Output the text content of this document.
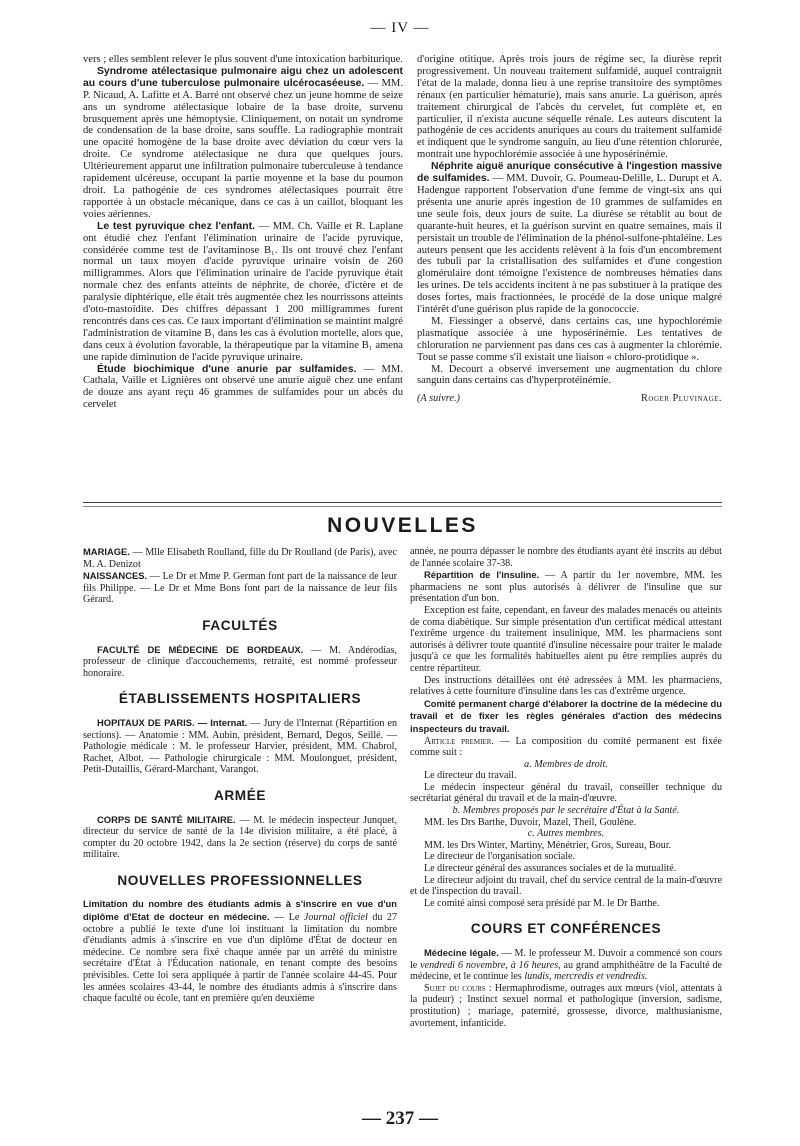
— IV —

vers ; elles semblent relever le plus souvent d'une intoxication barbiturique.

Syndrome atélectasique pulmonaire aigu chez un adolescent au cours d'une tuberculose pulmonaire ulcérocaséeuse. — MM. P. Nicaud, A. Lafitte et A. Barré ont observé chez un jeune homme de seize ans un syndrome atélectasique lobaire de la base droite, survenu brusquement après une hémoptysie. Cliniquement, on notait un syndrome de condensation de la base droite, sans souffle. La radiographie montrait une opacité homogène de la base droite avec déviation du cœur vers la droite. Ce syndrome atélectasique ne dura que quelques jours. Ultérieurement apparut une infiltration pulmonaire tuberculeuse à tendance rapidement ulcéreuse, occupant la partie moyenne et la base du poumon droit. La pathogénie de ces syndromes atélectasiques pourrait être rapportée à un obstacle mécanique, dans ce cas à un caillot, bloquant les voies aériennes.

Le test pyruvique chez l'enfant. — MM. Ch. Vaille et R. Laplane ont étudié chez l'enfant l'élimination urinaire de l'acide pyruvique, considérée comme test de l'avitaminose B₁. Ils ont trouvé chez l'enfant normal un taux moyen d'acide pyruvique urinaire voisin de 260 milligrammes. Alors que l'élimination urinaire de l'acide pyruvique était normale chez des enfants atteints de néphrite, de chorée, d'ictère et de paralysie diphtérique, elle était très augmentée chez les nourrissons atteints d'oto-mastoïdite. Des chiffres dépassant 1 200 milligrammes furent rencontrés dans ces cas. Ce taux important d'élimination se maintint malgré l'administration de vitamine B₁ dans les cas à évolution mortelle, alors que, dans ceux à évolution favorable, la thérapeutique par la vitamine B₁ amena une rapide diminution de l'acide pyruvique urinaire.

Étude biochimique d'une anurie par sulfamides. — MM. Cathala, Vaille et Lignières ont observé une anurie aiguë chez une enfant de douze ans ayant reçu 46 grammes de sulfamides pour un abcès du cervelet

d'origine otitique. Après trois jours de régime sec, la diurèse reprit progressivement. Un nouveau traitement sulfamidé, auquel contraignit l'état de la malade, donna lieu à une reprise transitoire des symptômes rénaux (en particulier hématurie), mais sans anurie. La guérison, après traitement chirurgical de l'abcès du cervelet, fut complète et, en particulier, il n'exista aucune séquelle rénale. Les auteurs discutent la pathogénie de ces accidents anuriques au cours du traitement sulfamidé et indiquent que le syndrome sanguin, au lieu d'une rétention chlorurée, montrait une hypochlorémie associée à une hyposérinémie.

Néphrite aiguë anurique consécutive à l'ingestion massive de sulfamides. — MM. Duvoir, G. Poumeau-Delille, L. Durupt et A. Hadengue rapportent l'observation d'une femme de vingt-six ans qui présenta une anurie après ingestion de 10 grammes de sulfamides en une seule fois, deux jours de suite. La diurèse se rétablit au bout de quarante-huit heures, et la guérison survint en quatre semaines, mais il persistait un trouble de l'élimination de la phénol-sulfone-phtaléine. Les auteurs pensent que les accidents relèvent à la fois d'un encombrement des tubuli par la cristallisation des sulfamides et d'une congestion glomérulaire dont témoigne l'existence de nombreuses hématies dans les urines. De tels accidents incitent à ne pas substituer à la pratique des doses fortes, mais fractionnées, le procédé de la dose unique malgré l'intérêt d'une guérison plus rapide de la gonococcie.

M. Fiessinger a observé, dans certains cas, une hypochlorémie plasmatique associée à une hyposérinémie. Les tentatives de chloruration ne parviennent pas dans ces cas à augmenter la chlorémie. Tout se passe comme s'il existait une liaison « chloro-protidique ».

M. Decourt a observé inversement une augmentation du chlore sanguin dans certains cas d'hyperprotéinémie.

(A suivre.)	Roger Pluvinage.
NOUVELLES

MARIAGE. — Mlle Elisabeth Roulland, fille du Dr Roulland (de Paris), avec M. A. Denizot

NAISSANCES. — Le Dr et Mme P. German font part de la naissance de leur fils Philippe. — Le Dr et Mme Bons font part de la naissance de leur fils Gérard.

FACULTÉS

FACULTÉ DE MÉDECINE DE BORDEAUX. — M. Andérodias, professeur de clinique d'accouchements, retraité, est nommé professeur honoraire.

ÉTABLISSEMENTS HOSPITALIERS

HOPITAUX DE PARIS. — Internat. — Jury de l'Internat (Répartition en sections). — Anatomie : MM. Aubin, président, Bernard, Degos, Seillé. — Pathologie médicale : M. le professeur Harvier, président, MM. Chabrol, Rachet, Albot. — Pathologie chirurgicale : MM. Moulonguet, président, Petit-Dutaillis, Gérard-Marchant, Varangot.

ARMÉE

CORPS DE SANTÉ MILITAIRE. — M. le médecin inspecteur Junquet, directeur du service de santé de la 14e division militaire, a été placé, à compter du 20 octobre 1942, dans la 2e section (réserve) du corps de santé militaire.

NOUVELLES PROFESSIONNELLES

Limitation du nombre des étudiants admis à s'inscrire en vue d'un diplôme d'Etat de docteur en médecine. — Le Journal officiel du 27 octobre a publié le texte d'une loi instituant la limitation du nombre d'étudiants admis à s'inscrire en vue d'un diplôme d'État de docteur en médecine. Ce nombre sera fixé chaque année par un arrêté du ministre secrétaire d'État à l'Éducation nationale, en tenant compte des besoins prévisibles. Cette loi sera appliquée à partir de l'année scolaire 44-45. Pour les années scolaires 43-44, le nombre des étudiants admis à s'inscrire dans chaque faculté ou école, tant en première qu'en deuxième

année, ne pourra dépasser le nombre des étudiants ayant été inscrits au début de l'année scolaire 37-38.

Répartition de l'insuline. — A partir du 1er novembre, MM. les pharmaciens ne sont plus autorisés à délivrer de l'insuline que sur présentation d'un bon.

Exception est faite, cependant, en faveur des malades menacés ou atteints de coma diabétique. Sur simple présentation d'un certificat médical attestant l'extrême urgence du traitement insulinique, MM. les pharmaciens sont autorisés à délivrer toute quantité d'insuline nécessaire pour traiter le malade jusqu'à ce que les formalités habituelles aient pu être remplies auprès du centre répartiteur.

Des instructions détaillées ont été adressées à MM. les pharmaciens, relatives à cette fourniture d'insuline dans les cas d'extrême urgence.

Comité permanent chargé d'élaborer la doctrine de la médecine du travail et de fixer les règles générales d'action des médecins inspecteurs du travail.

Article premier. — La composition du comité permanent est fixée comme suit :

a. Membres de droit.

Le directeur du travail.

Le médecin inspecteur général du travail, conseiller technique du secrétariat général du travail et de la main-d'œuvre.

b. Membres proposés par le secrétaire d'État à la Santé.

MM. les Drs Barthe, Duvoir, Mazel, Theil, Goulène.

c. Autres membres.

MM. les Drs Winter, Martiny, Ménétrier, Gros, Sureau, Bour.

Le directeur de l'organisation sociale.

Le directeur général des assurances sociales et de la mutualité.

Le directeur adjoint du travail, chef du service central de la main-d'œuvre et de l'inspection du travail.

Le comité ainsi composé sera présidé par M. le Dr Barthe.

COURS ET CONFÉRENCES

Médecine légale. — M. le professeur M. Duvoir a commencé son cours le vendredi 6 novembre, à 16 heures, au grand amphithéâtre de la Faculté de médecine, et le continue les lundis, mercredis et vendredis.

Sujet du cours : Hermaphrodisme, outrages aux mœurs (viol, attentats à la pudeur) ; Instinct sexuel normal et pathologique (inversion, sadisme, prostitution) ; mariage, paternité, grossesse, divorce, malthusianisme, avortement, infanticide.

— 237 —
